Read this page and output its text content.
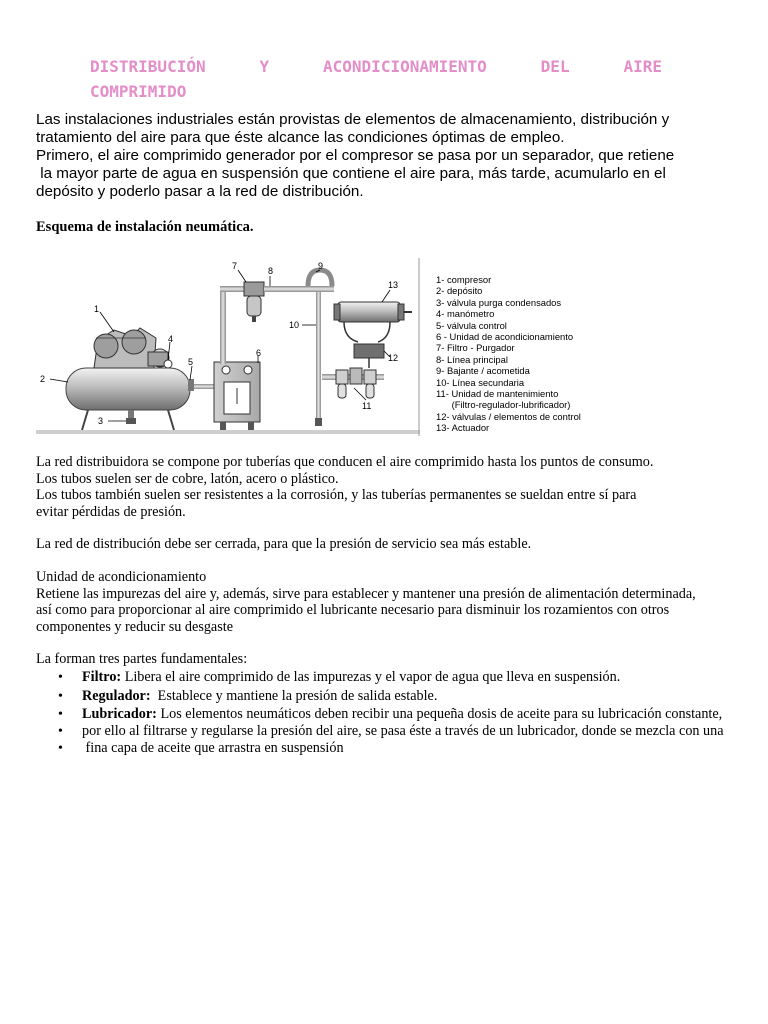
DISTRIBUCIÓN	Y	ACONDICIONAMIENTO	DEL	AIRE
COMPRIMIDO

Las instalaciones industriales están provistas de elementos de almacenamiento, distribución y

tratamiento del aire para que éste alcance las condiciones óptimas de empleo.

Primero, el aire comprimido generador por el compresor se pasa por un separador, que retiene

la mayor parte de agua en suspensión que contiene el aire para, más tarde, acumularlo en el

depósito y poderlo pasar a la red de distribución.

Esquema de instalación neumática.
1
2
3
4
5
6
7	8	9
10
11
12
13	1- compresor
2- depósito
3- válvula purga condensados
4- manómetro
5- válvula control
6 - Unidad de acondicionamiento
7- Filtro - Purgador
8- Línea principal
9- Bajante / acometida
10- Línea secundaria
11- Unidad de mantenimiento
(Filtro-regulador-lubrificador)
12- válvulas / elementos de control
13- Actuador

La red distribuidora se compone por tuberías que conducen el aire comprimido hasta los puntos de consumo.

Los tubos suelen ser de cobre, latón, acero o plástico.

Los tubos también suelen ser resistentes a la corrosión, y las tuberías permanentes se sueldan entre sí para

evitar pérdidas de presión.

La red de distribución debe ser cerrada, para que la presión de servicio sea más estable.

Unidad de acondicionamiento

Retiene las impurezas del aire y, además, sirve para establecer y mantener una presión de alimentación determinada,

así como para proporcionar al aire comprimido el lubricante necesario para disminuir los rozamientos con otros

componentes y reducir su desgaste

La forman tres partes fundamentales:
• Filtro: Libera el aire comprimido de las impurezas y el vapor de agua que lleva en suspensión.
• Regulador:  Establece y mantiene la presión de salida estable.
• Lubricador: Los elementos neumáticos deben recibir una pequeña dosis de aceite para su lubricación constante,
• por ello al filtrarse y regularse la presión del aire, se pasa éste a través de un lubricador, donde se mezcla con una
•  fina capa de aceite que arrastra en suspensión
